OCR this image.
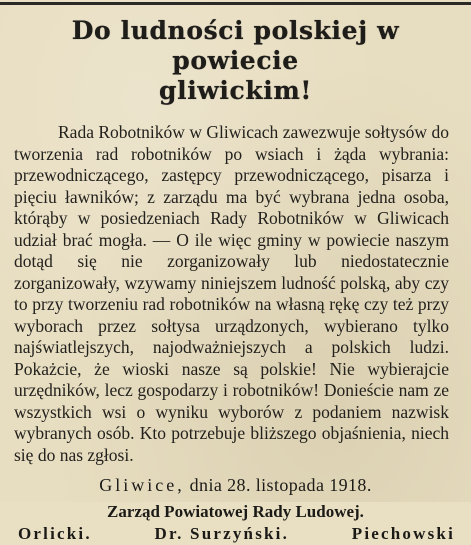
Do ludności polskiej w powiecie
gliwickim!
Rada Robotników w Gliwicach zawezwuje sołtysów do tworzenia rad robotników po wsiach i żąda wybrania: przewodniczącego, zastępcy przewodniczącego, pisarza i pięciu ławników; z zarządu ma być wybrana jedna osoba, którąby w posiedzeniach Rady Robotników w Gliwicach udział brać mogła. — O ile więc gminy w powiecie naszym dotąd się nie zorganizowały lub niedostatecznie zorganizowały, wzywamy niniejszem ludność polską, aby czy to przy tworzeniu rad robotników na własną rękę czy też przy wyborach przez sołtysa urządzonych, wybierano tylko najświatlejszych, najodważniejszych a polskich ludzi. Pokażcie, że wioski nasze są polskie! Nie wybierajcie urzędników, lecz gospodarzy i robotników! Donieście nam ze wszystkich wsi o wyniku wyborów z podaniem nazwisk wybranych osób. Kto potrzebuje bliższego objaśnienia, niech się do nas zgłosi.
Gliwice, dnia 28. listopada 1918.
Zarząd Powiatowej Rady Ludowej.
Orlicki.	Dr. Surzyński.	Piechowski
